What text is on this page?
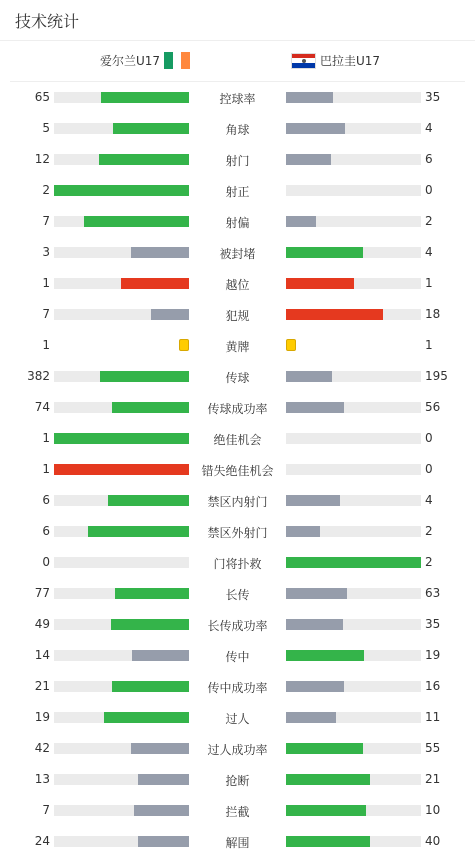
技术统计
爱尔兰U17	巴拉圭U17
65	控球率	35
5	角球	4
12	射门	6
2	射正	0
7	射偏	2
3	被封堵	4
1	越位	1
7	犯规	18
1	黄牌	1
382	传球	195
74	传球成功率	56
1	绝佳机会	0
1	错失绝佳机会	0
6	禁区内射门	4
6	禁区外射门	2
0	门将扑救	2
77	长传	63
49	长传成功率	35
14	传中	19
21	传中成功率	16
19	过人	11
42	过人成功率	55
13	抢断	21
7	拦截	10
24	解围	40
